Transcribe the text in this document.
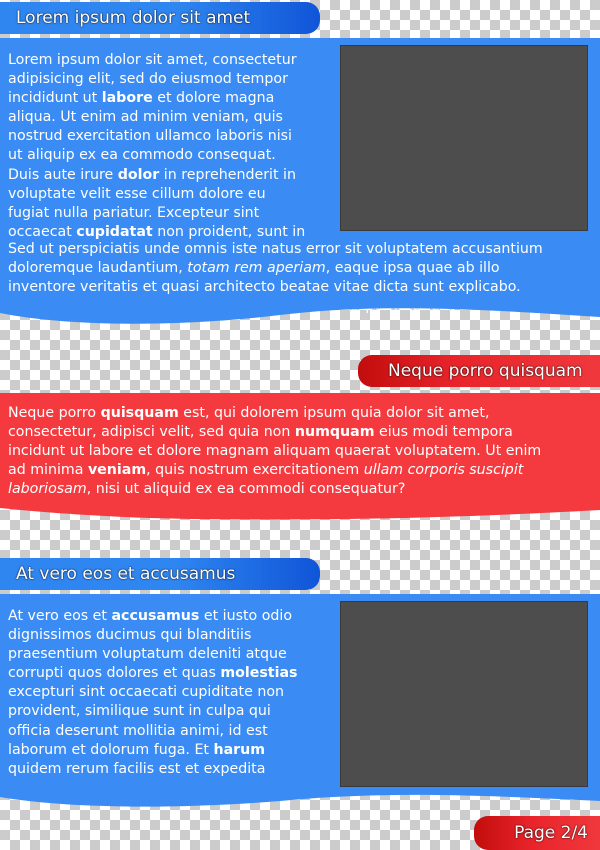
Lorem ipsum dolor sit amet
Lorem ipsum dolor sit amet, consectetur
adipisicing elit, sed do eiusmod tempor
incididunt ut labore et dolore magna
aliqua. Ut enim ad minim veniam, quis
nostrud exercitation ullamco laboris nisi
ut aliquip ex ea commodo consequat.
Duis aute irure dolor in reprehenderit in
voluptate velit esse cillum dolore eu
fugiat nulla pariatur. Excepteur sint
occaecat cupidatat non proident, sunt in
Sed ut perspiciatis unde omnis iste natus error sit voluptatem accusantium
doloremque laudantium, totam rem aperiam, eaque ipsa quae ab illo
inventore veritatis et quasi architecto beatae vitae dicta sunt explicabo.
Neque porro quisquam
Neque porro quisquam est, qui dolorem ipsum quia dolor sit amet,
consectetur, adipisci velit, sed quia non numquam eius modi tempora
incidunt ut labore et dolore magnam aliquam quaerat voluptatem. Ut enim
ad minima veniam, quis nostrum exercitationem ullam corporis suscipit
laboriosam, nisi ut aliquid ex ea commodi consequatur?
At vero eos et accusamus
At vero eos et accusamus et iusto odio
dignissimos ducimus qui blanditiis
praesentium voluptatum deleniti atque
corrupti quos dolores et quas molestias
excepturi sint occaecati cupiditate non
provident, similique sunt in culpa qui
officia deserunt mollitia animi, id est
laborum et dolorum fuga. Et harum
quidem rerum facilis est et expedita
Page 2/4
